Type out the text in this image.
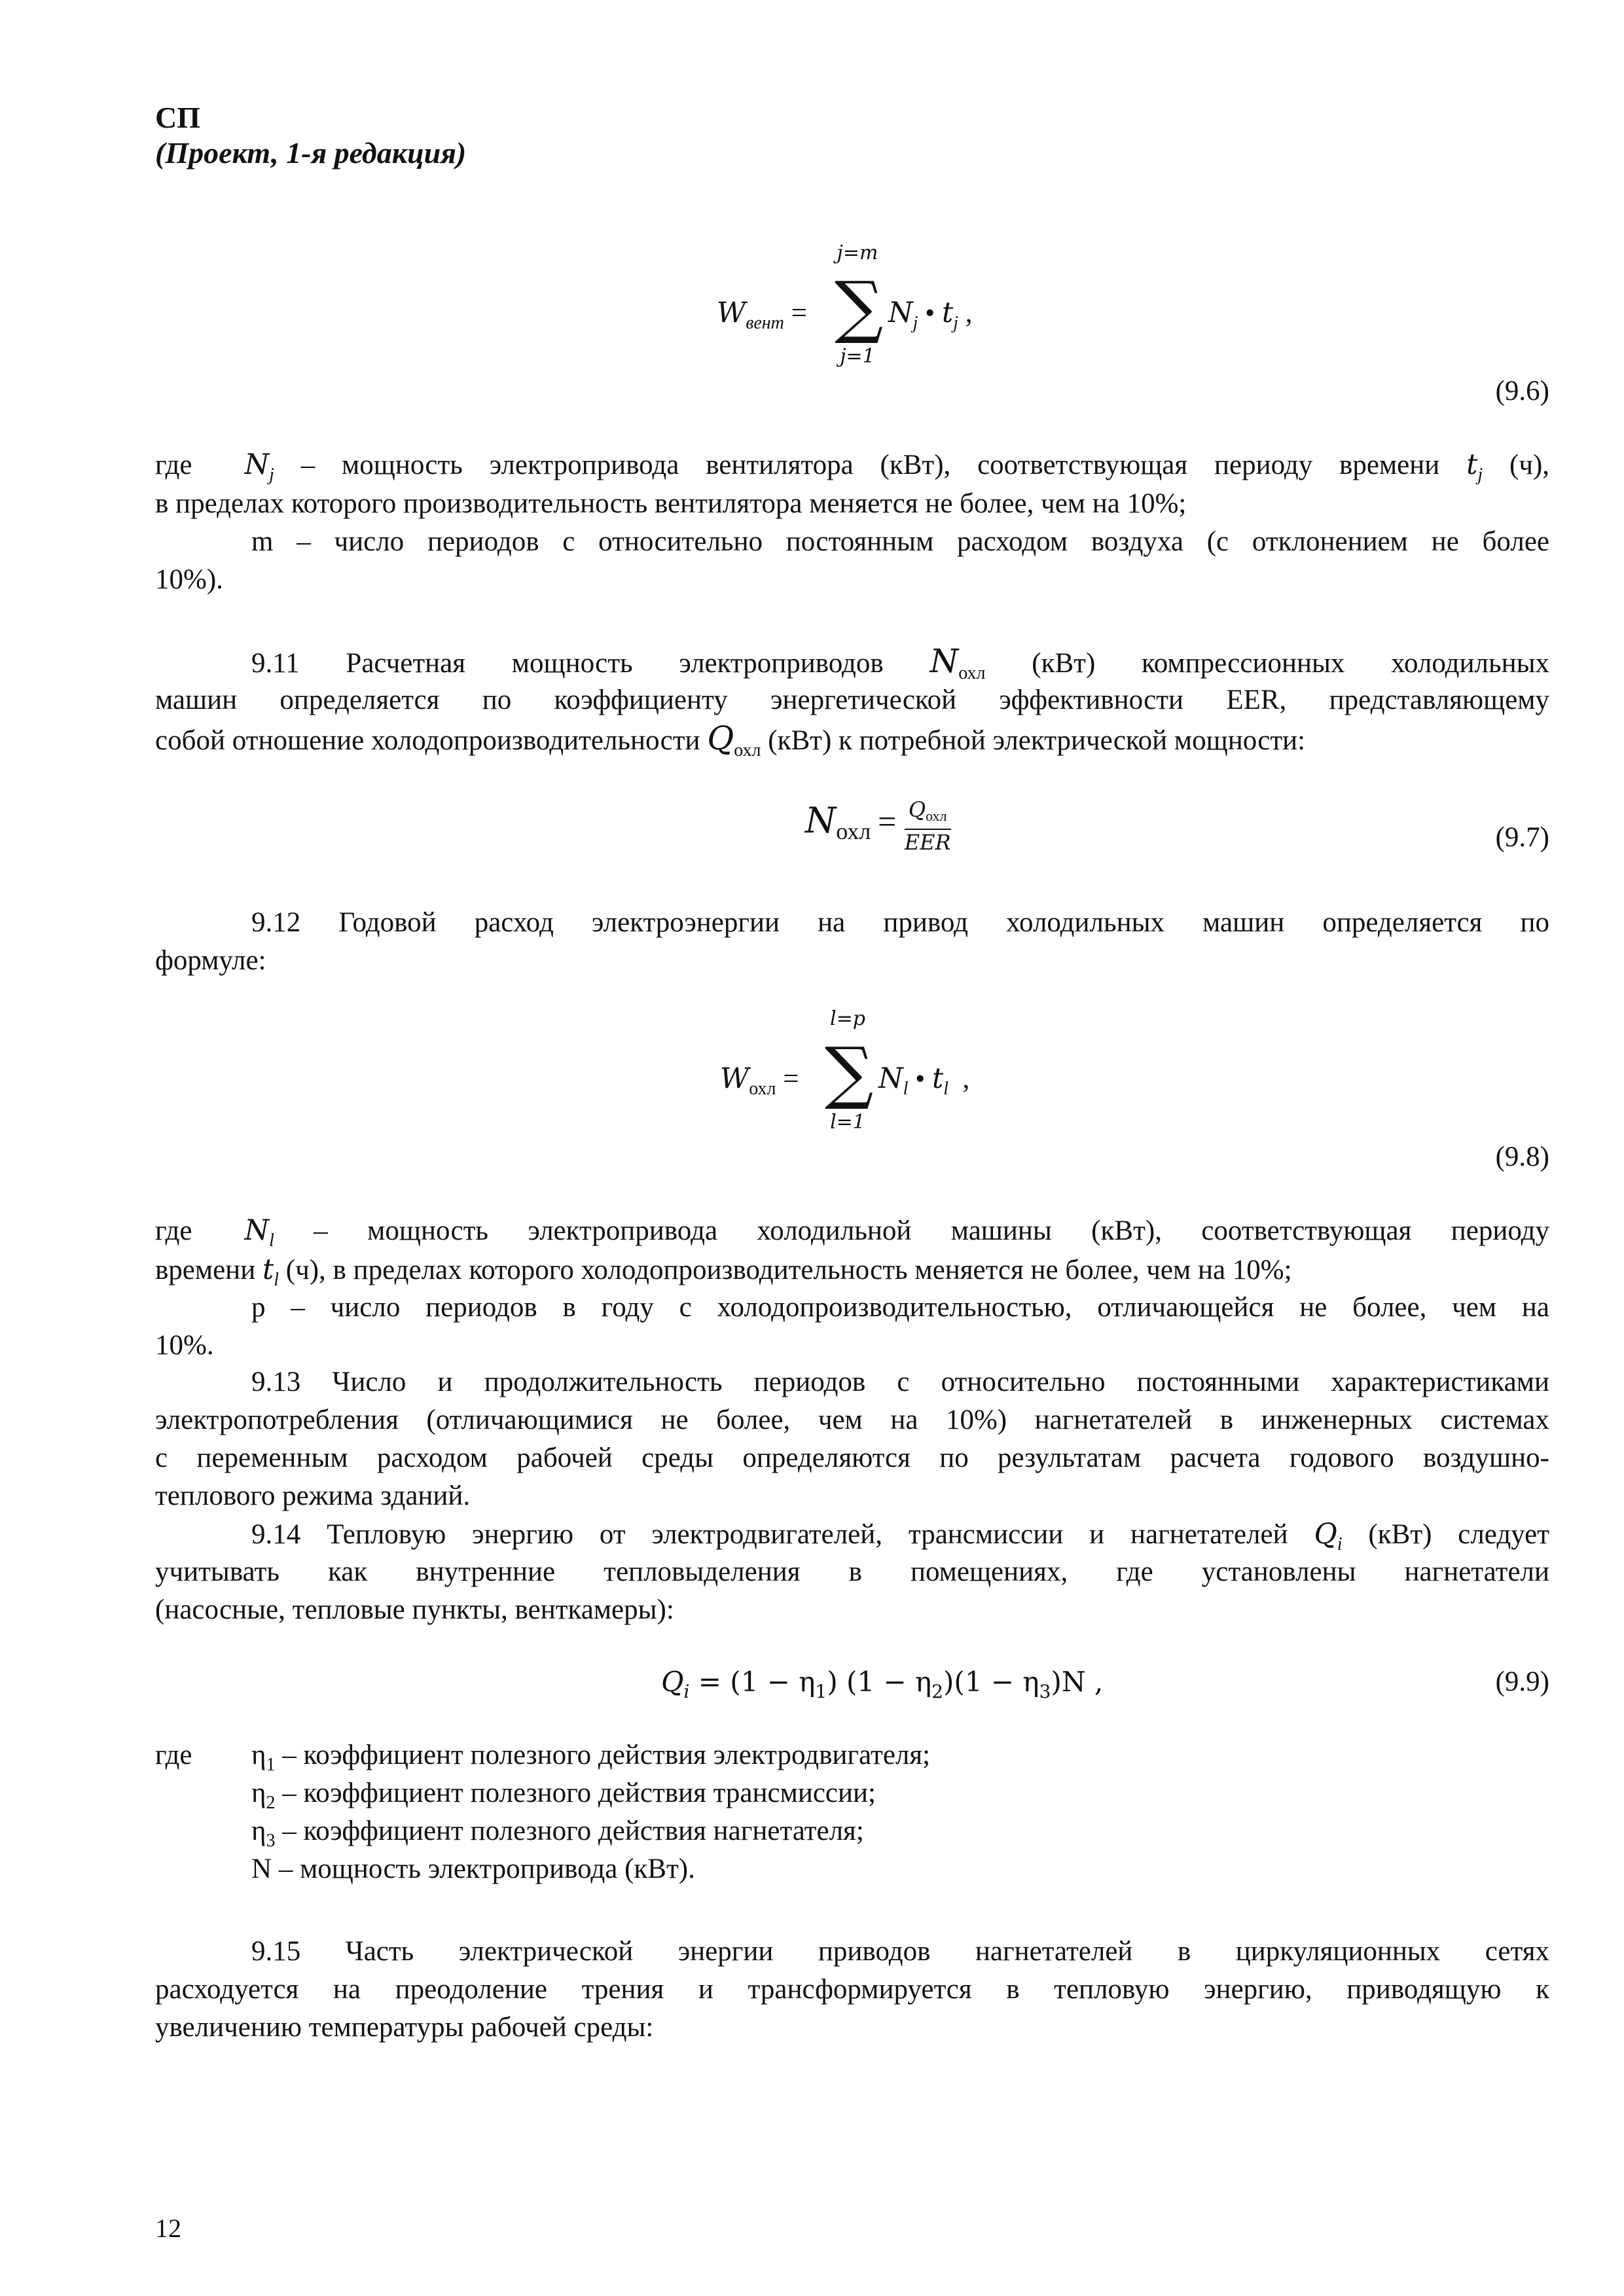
СП
(Проект, 1-я редакция)
j=m
$W_{вент}$ = ∑ $N_j$ • $t_j$ ,
j=1
(9.6)
где $N_j$ – мощность электропривода вентилятора (кВт), соответствующая периоду времени $t_j$ (ч),
в пределах которого производительность вентилятора меняется не более, чем на 10%;
m – число периодов с относительно постоянным расходом воздуха (с отклонением не более
10%).
9.11 Расчетная мощность электроприводов $N_{охл}$ (кВт) компрессионных холодильных
машин определяется по коэффициенту энергетической эффективности EER, представляющему
собой отношение холодопроизводительности $Q_{охл}$ (кВт) к потребной электрической мощности:
$N_{охл} = \frac{\text{Qохл}}{\text{EER}}$	(9.7)
9.12 Годовой расход электроэнергии на привод холодильных машин определяется по
формуле:
l=p
$W_{охл}$ = ∑ $N_l$ • $t_l$ ,
l=1
(9.8)
где $N_l$ – мощность электропривода холодильной машины (кВт), соответствующая периоду
времени $t_l$ (ч), в пределах которого холодопроизводительность меняется не более, чем на 10%;
p – число периодов в году с холодопроизводительностью, отличающейся не более, чем на
10%.
9.13 Число и продолжительность периодов с относительно постоянными характеристиками
электропотребления (отличающимися не более, чем на 10%) нагнетателей в инженерных системах
с переменным расходом рабочей среды определяются по результатам расчета годового воздушно-
теплового режима зданий.
9.14 Тепловую энергию от электродвигателей, трансмиссии и нагнетателей $Q_i$ (кВт) следует
учитывать как внутренние тепловыделения в помещениях, где установлены нагнетатели
(насосные, тепловые пункты, венткамеры):
$Q_i = (1 - \eta_1) (1 - \eta_2)(1 - \eta_3)N$ ,	(9.9)
где $\eta_1$ – коэффициент полезного действия электродвигателя;
$\eta_2$ – коэффициент полезного действия трансмиссии;
$\eta_3$ – коэффициент полезного действия нагнетателя;
N – мощность электропривода (кВт).
9.15 Часть электрической энергии приводов нагнетателей в циркуляционных сетях
расходуется на преодоление трения и трансформируется в тепловую энергию, приводящую к
увеличению температуры рабочей среды:
12
